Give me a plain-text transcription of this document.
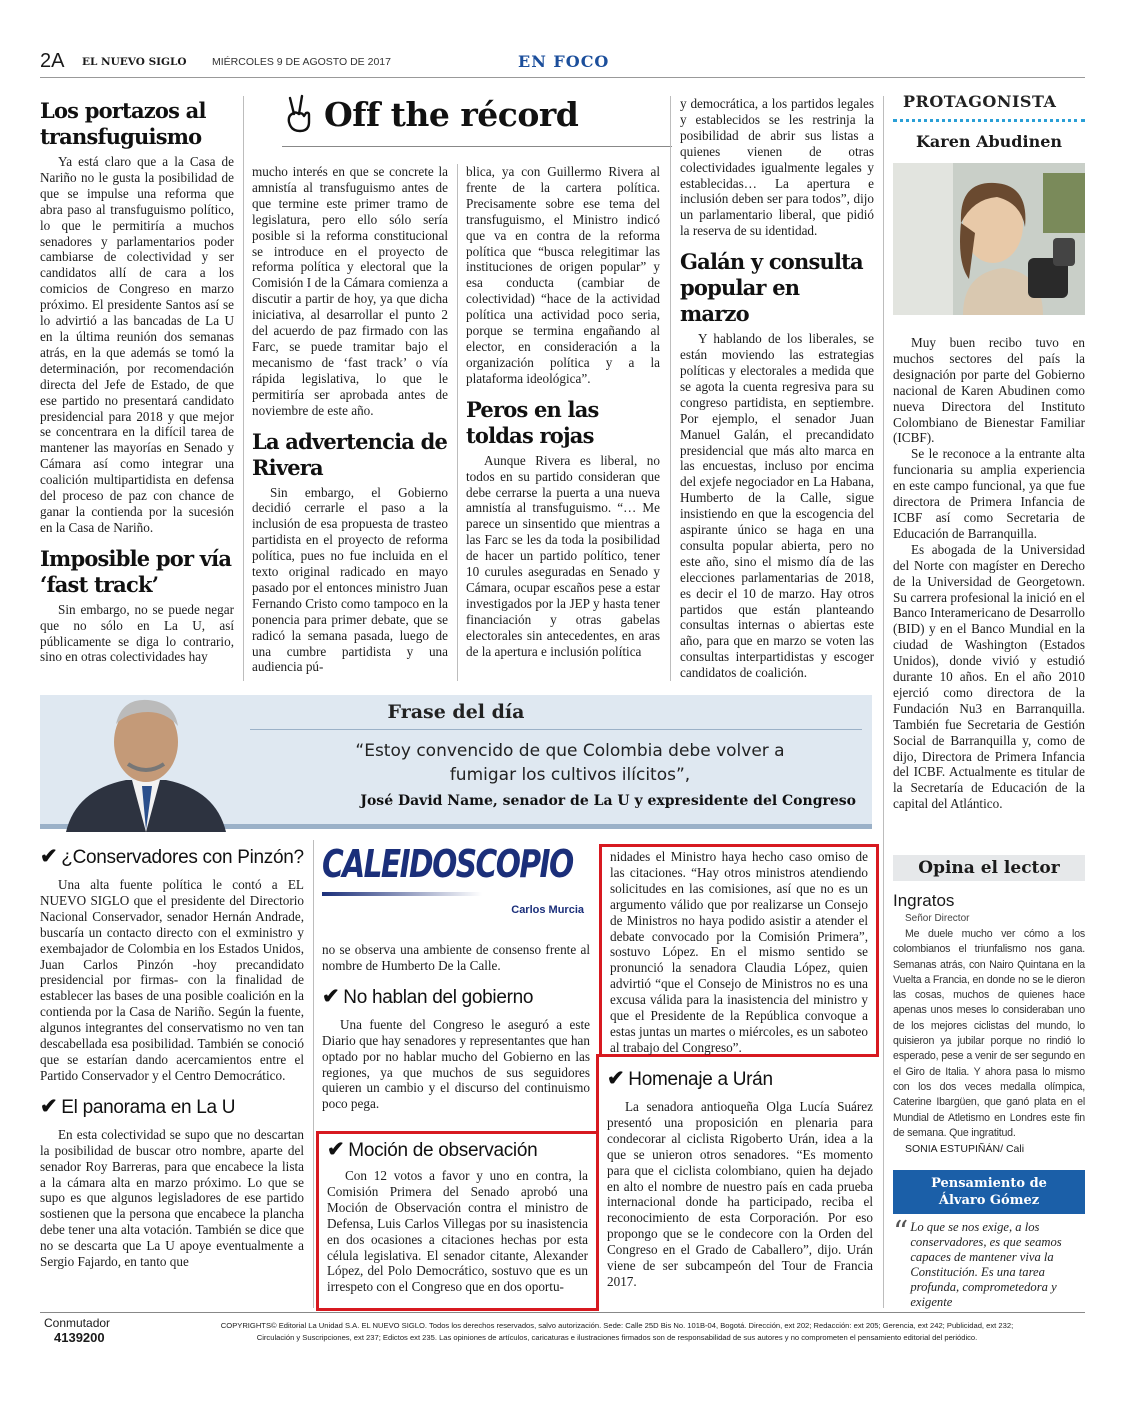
2A EL NUEVO SIGLO MIÉRCOLES 9 DE AGOSTO DE 2017	EN FOCO
Off the récord
Los portazos al transfuguismo

Ya está claro que a la Casa de Nariño no le gusta la posibilidad de que se impulse una reforma que abra paso al transfuguismo político, lo que le permitiría a muchos senadores y parlamentarios poder cambiarse de colectividad y ser candidatos allí de cara a los comicios de Congreso en marzo próximo. El presidente Santos así se lo advirtió a las bancadas de La U en la última reunión dos semanas atrás, en la que además se tomó la determinación, por recomendación directa del Jefe de Estado, de que ese partido no presentará candidato presidencial para 2018 y que mejor se concentrara en la difícil tarea de mantener las mayorías en Senado y Cámara así como integrar una coalición multipartidista en defensa del proceso de paz con chance de ganar la contienda por la sucesión en la Casa de Nariño.

Imposible por vía ‘fast track’

Sin embargo, no se puede negar que no sólo en La U, así públicamente se diga lo contrario, sino en otras colectividades hay

mucho interés en que se concrete la amnistía al transfuguismo antes de que termine este primer tramo de legislatura, pero ello sólo sería posible si la reforma constitucional se introduce en el proyecto de reforma política y electoral que la Comisión I de la Cámara comienza a discutir a partir de hoy, ya que dicha iniciativa, al desarrollar el punto 2 del acuerdo de paz firmado con las Farc, se puede tramitar bajo el mecanismo de ‘fast track’ o vía rápida legislativa, lo que le permitiría ser aprobada antes de noviembre de este año.

La advertencia de Rivera

Sin embargo, el Gobierno decidió cerrarle el paso a la inclusión de esa propuesta de trasteo partidista en el proyecto de reforma política, pues no fue incluida en el texto original radicado en mayo pasado por el entonces ministro Juan Fernando Cristo como tampoco en la ponencia para primer debate, que se radicó la semana pasada, luego de una cumbre partidista y una audiencia pú-

blica, ya con Guillermo Rivera al frente de la cartera política. Precisamente sobre ese tema del transfuguismo, el Ministro indicó que va en contra de la reforma política que “busca relegitimar las instituciones de origen popular” y esa conducta (cambiar de colectividad) “hace de la actividad política una actividad poco seria, porque se termina engañando al elector, en consideración a la organización política y a la plataforma ideológica”.

Peros en las toldas rojas

Aunque Rivera es liberal, no todos en su partido consideran que debe cerrarse la puerta a una nueva amnistía al transfuguismo. “… Me parece un sinsentido que mientras a las Farc se les da toda la posibilidad de hacer un partido político, tener 10 curules aseguradas en Senado y Cámara, ocupar escaños pese a estar investigados por la JEP y hasta tener financiación y otras gabelas electorales sin antecedentes, en aras de la apertura e inclusión política

y democrática, a los partidos legales y establecidos se les restrinja la posibilidad de abrir sus listas a quienes vienen de otras colectividades igualmente legales y establecidas… La apertura e inclusión deben ser para todos”, dijo un parlamentario liberal, que pidió la reserva de su identidad.

Galán y consulta popular en marzo

Y hablando de los liberales, se están moviendo las estrategias políticas y electorales a medida que se agota la cuenta regresiva para su congreso partidista, en septiembre. Por ejemplo, el senador Juan Manuel Galán, el precandidato presidencial que más alto marca en las encuestas, incluso por encima del exjefe negociador en La Habana, Humberto de la Calle, sigue insistiendo en que la escogencia del aspirante único se haga en una consulta popular abierta, pero no este año, sino el mismo día de las elecciones parlamentarias de 2018, es decir el 10 de marzo. Hay otros partidos que están planteando consultas internas o abiertas este año, para que en marzo se voten las consultas interpartidistas y escoger candidatos de coalición.

PROTAGONISTA
Karen Abudinen

Muy buen recibo tuvo en muchos sectores del país la designación por parte del Gobierno nacional de Karen Abudinen como nueva Directora del Instituto Colombiano de Bienestar Familiar (ICBF).

Se le reconoce a la entrante alta funcionaria su amplia experiencia en este campo funcional, ya que fue directora de Primera Infancia de ICBF así como Secretaria de Educación de Barranquilla.

Es abogada de la Universidad del Norte con magíster en Derecho de la Universidad de Georgetown. Su carrera profesional la inició en el Banco Interamericano de Desarrollo (BID) y en el Banco Mundial en la ciudad de Washington (Estados Unidos), donde vivió y estudió durante 10 años. En el año 2010 ejerció como directora de la Fundación Nu3 en Barranquilla. También fue Secretaria de Gestión Social de Barranquilla y, como de dijo, Directora de Primera Infancia del ICBF. Actualmente es titular de la Secretaría de Educación de la capital del Atlántico.

Frase del día
“Estoy convencido de que Colombia debe volver a
fumigar los cultivos ilícitos”,
José David Name, senador de La U y expresidente del Congreso
✔ ¿Conservadores con Pinzón?

Una alta fuente política le contó a EL NUEVO SIGLO que el presidente del Directorio Nacional Conservador, senador Hernán Andrade, buscaría un contacto directo con el exministro y exembajador de Colombia en los Estados Unidos, Juan Carlos Pinzón -hoy precandidato presidencial por firmas- con la finalidad de establecer las bases de una posible coalición en la contienda por la Casa de Nariño. Según la fuente, algunos integrantes del conservatismo no ven tan descabellada esa posibilidad. También se conoció que se estarían dando acercamientos entre el Partido Conservador y el Centro Democrático.

✔ El panorama en La U

En esta colectividad se supo que no descartan la posibilidad de buscar otro nombre, aparte del senador Roy Barreras, para que encabece la lista a la cámara alta en marzo próximo. Lo que se supo es que algunos legisladores de ese partido sostienen que la persona que encabece la plancha debe tener una alta votación. También se dice que no se descarta que La U apoye eventualmente a Sergio Fajardo, en tanto que

CALEIDOSCOPIO
Carlos Murcia

no se observa una ambiente de consenso frente al nombre de Humberto De la Calle.

✔ No hablan del gobierno

Una fuente del Congreso le aseguró a este Diario que hay senadores y representantes que han optado por no hablar mucho del Gobierno en las regiones, ya que muchos de sus seguidores quieren un cambio y el discurso del continuismo poco pega.

✔ Moción de observación

Con 12 votos a favor y uno en contra, la Comisión Primera del Senado aprobó una Moción de Observación contra el ministro de Defensa, Luis Carlos Villegas por su inasistencia en dos ocasiones a citaciones hechas por esta célula legislativa. El senador citante, Alexander López, del Polo Democrático, sostuvo que es un irrespeto con el Congreso que en dos oportu-

nidades el Ministro haya hecho caso omiso de las citaciones. “Hay otros ministros atendiendo solicitudes en las comisiones, así que no es un argumento válido que por realizarse un Consejo de Ministros no haya podido asistir a atender el debate convocado por la Comisión Primera”, sostuvo López. En el mismo sentido se pronunció la senadora Claudia López, quien advirtió “que el Consejo de Ministros no es una excusa válida para la inasistencia del ministro y que el Presidente de la República convoque a estas juntas un martes o miércoles, es un saboteo al trabajo del Congreso”.

✔ Homenaje a Urán

La senadora antioqueña Olga Lucía Suárez presentó una proposición en plenaria para condecorar al ciclista Rigoberto Urán, idea a la que se unieron otros senadores. “Es momento para que el ciclista colombiano, quien ha dejado en alto el nombre de nuestro país en cada prueba internacional donde ha participado, reciba el reconocimiento de esta Corporación. Por eso propongo que se le condecore con la Orden del Congreso en el Grado de Caballero”, dijo. Urán viene de ser subcampeón del Tour de Francia 2017.

Opina el lector
Ingratos
Señor Director

Me duele mucho ver cómo a los colombianos el triunfalismo nos gana. Semanas atrás, con Nairo Quintana en la Vuelta a Francia, en donde no se le dieron las cosas, muchos de quienes hace apenas unos meses lo consideraban uno de los mejores ciclistas del mundo, lo quisieron ya jubilar porque no rindió lo esperado, pese a venir de ser segundo en el Giro de Italia. Y ahora pasa lo mismo con los dos veces medalla olímpica, Caterine Ibargüen, que ganó plata en el Mundial de Atletismo en Londres este fin de semana. Que ingratitud.

SONIA ESTUPIÑÁN/ Cali
Pensamiento de
Álvaro Gómez
“ Lo que se nos exige, a los conservadores, es que seamos capaces de mantener viva la Constitución. Es una tarea profunda, comprometedora y exigente

Conmutador
4139200
COPYRIGHTS© Editorial La Unidad S.A. EL NUEVO SIGLO. Todos los derechos reservados, salvo autorización. Sede: Calle 25D Bis No. 101B-04, Bogotá. Dirección, ext 202; Redacción: ext 205; Gerencia, ext 242; Publicidad, ext 232;
Circulación y Suscripciones, ext 237; Edictos ext 235. Las opiniones de artículos, caricaturas e ilustraciones firmados son de responsabilidad de sus autores y no comprometen el pensamiento editorial del periódico.
